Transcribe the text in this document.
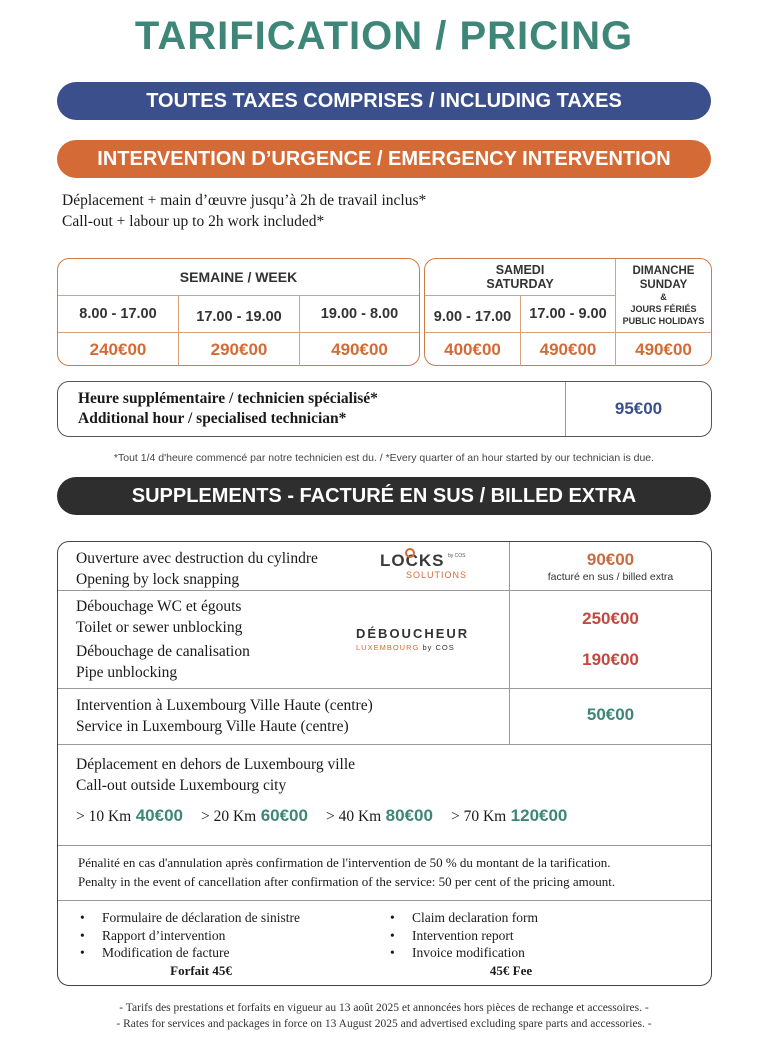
TARIFICATION / PRICING
TOUTES TAXES COMPRISES / INCLUDING TAXES
INTERVENTION D’URGENCE / EMERGENCY INTERVENTION
Déplacement + main d’œuvre jusqu’à 2h de travail inclus*
Call-out + labour up to 2h work included*
SEMAINE / WEEK
8.00 - 17.00	17.00 - 19.00	19.00 - 8.00
240€00	290€00	490€00
SAMEDI
SATURDAY
9.00 - 17.00	17.00 - 9.00
DIMANCHE
SUNDAY
&
JOURS FÉRIÉS
PUBLIC HOLIDAYS
400€00	490€00	490€00
Heure supplémentaire / technicien spécialisé*
Additional hour / specialised technician*
95€00
*Tout 1/4 d'heure commencé par notre technicien est du. / *Every quarter of an hour started by our technician is due.
SUPPLEMENTS - FACTURÉ EN SUS / BILLED EXTRA
Ouverture avec destruction du cylindre
Opening by lock snapping
LOCKS by COS
SOLUTIONS
90€00
facturé en sus / billed extra
Débouchage WC et égouts
Toilet or sewer unblocking
Débouchage de canalisation
Pipe unblocking
DÉBOUCHEUR
LUXEMBOURG by COS
250€00
190€00
Intervention à Luxembourg Ville Haute (centre)
Service in Luxembourg Ville Haute (centre)
50€00
Déplacement en dehors de Luxembourg ville
Call-out outside Luxembourg city
> 10 Km 40€00 > 20 Km 60€00 > 40 Km 80€00 > 70 Km 120€00
Pénalité en cas d'annulation après confirmation de l'intervention de 50 % du montant de la tarification.
Penalty in the event of cancellation after confirmation of the service: 50 per cent of the pricing amount.
• Formulaire de déclaration de sinistre
• Rapport d’intervention
• Modification de facture
Forfait 45€
• Claim declaration form
• Intervention report
• Invoice modification
45€ Fee
- Tarifs des prestations et forfaits en vigueur au 13 août 2025 et annoncées hors pièces de rechange et accessoires. -
- Rates for services and packages in force on 13 August 2025 and advertised excluding spare parts and accessories. -
